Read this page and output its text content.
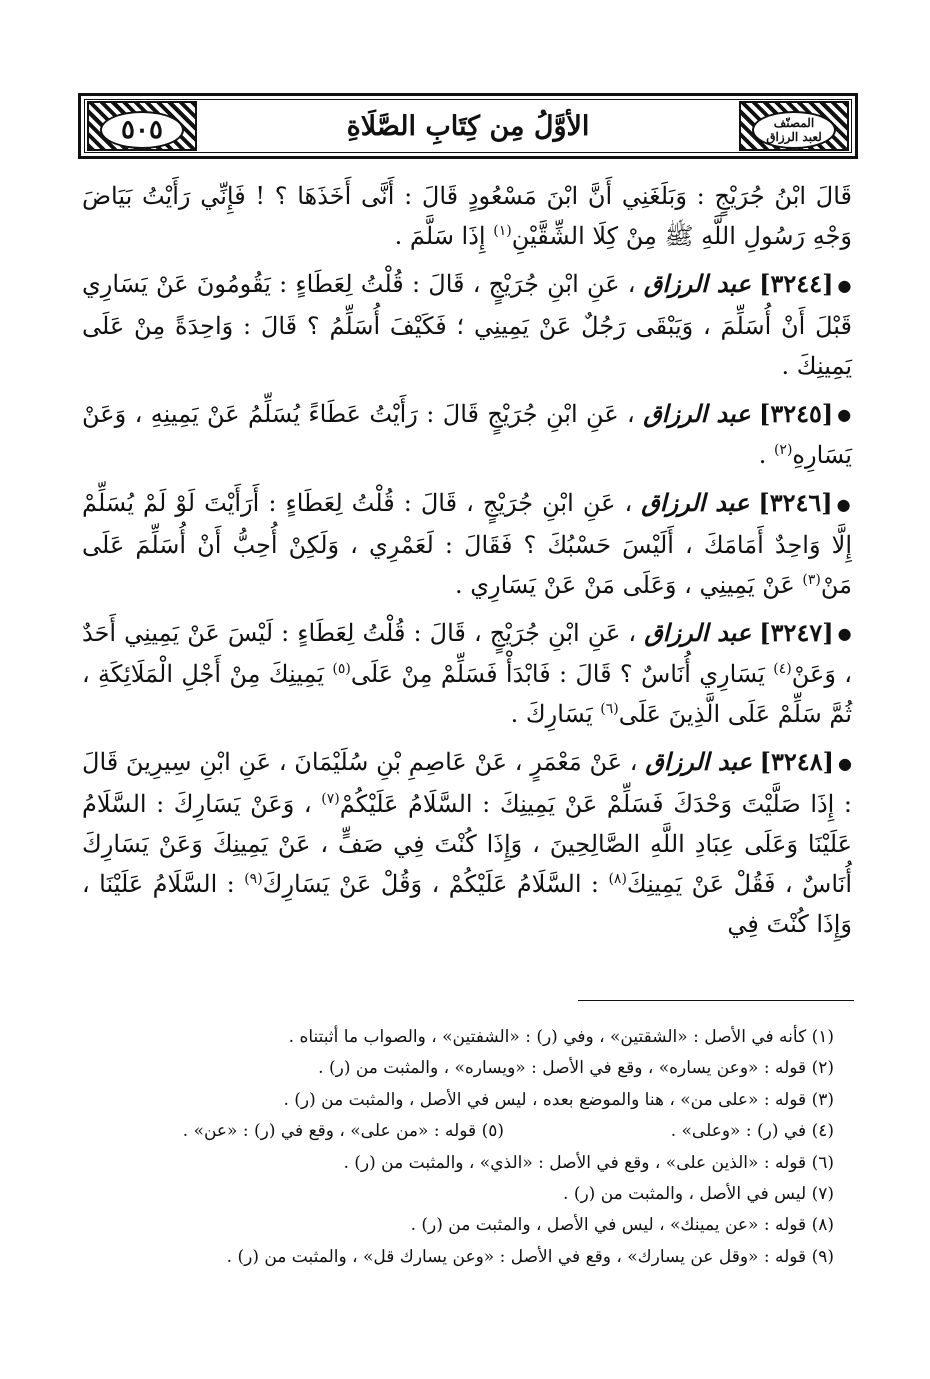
المصنّف
لعبد الرزاق
الأوَّلُ مِن كِتَابِ الصَّلَاةِ
٥٠٥

قَالَ ابْنُ جُرَيْجٍ : وَبَلَغَنِي أَنَّ ابْنَ مَسْعُودٍ قَالَ : أَنَّى أَخَذَهَا ؟ ! فَإِنِّي رَأَيْتُ بَيَاضَ وَجْهِ رَسُولِ اللَّهِ ﷺ مِنْ كِلَا الشِّقَّيْنِ$^{(١)}$ إِذَا سَلَّمَ .

●[٣٢٤٤] عبد الرزاق ، عَنِ ابْنِ جُرَيْجٍ ، قَالَ : قُلْتُ لِعَطَاءٍ : يَقُومُونَ عَنْ يَسَارِي قَبْلَ أَنْ أُسَلِّمَ ، وَيَبْقَى رَجُلٌ عَنْ يَمِينِي ؛ فَكَيْفَ أُسَلِّمُ ؟ قَالَ : وَاحِدَةً مِنْ عَلَى يَمِينِكَ .

●[٣٢٤٥] عبد الرزاق ، عَنِ ابْنِ جُرَيْجٍ قَالَ : رَأَيْتُ عَطَاءً يُسَلِّمُ عَنْ يَمِينِهِ ، وَعَنْ يَسَارِهِ$^{(٢)}$ .

●[٣٢٤٦] عبد الرزاق ، عَنِ ابْنِ جُرَيْجٍ ، قَالَ : قُلْتُ لِعَطَاءٍ : أَرَأَيْتَ لَوْ لَمْ يُسَلِّمْ إِلَّا وَاحِدٌ أَمَامَكَ ، أَلَيْسَ حَسْبُكَ ؟ فَقَالَ : لَعَمْرِي ، وَلَكِنْ أُحِبُّ أَنْ أُسَلِّمَ عَلَى مَنْ$^{(٣)}$ عَنْ يَمِينِي ، وَعَلَى مَنْ عَنْ يَسَارِي .

●[٣٢٤٧] عبد الرزاق ، عَنِ ابْنِ جُرَيْجٍ ، قَالَ : قُلْتُ لِعَطَاءٍ : لَيْسَ عَنْ يَمِينِي أَحَدٌ ، وَعَنْ$^{(٤)}$ يَسَارِي أُنَاسٌ ؟ قَالَ : فَابْدَأْ فَسَلِّمْ مِنْ عَلَى$^{(٥)}$ يَمِينِكَ مِنْ أَجْلِ الْمَلَائِكَةِ ، ثُمَّ سَلِّمْ عَلَى الَّذِينَ عَلَى$^{(٦)}$ يَسَارِكَ .

●[٣٢٤٨] عبد الرزاق ، عَنْ مَعْمَرٍ ، عَنْ عَاصِمِ بْنِ سُلَيْمَانَ ، عَنِ ابْنِ سِيرِينَ قَالَ : إِذَا صَلَّيْتَ وَحْدَكَ فَسَلِّمْ عَنْ يَمِينِكَ : السَّلَامُ عَلَيْكُمْ$^{(٧)}$ ، وَعَنْ يَسَارِكَ : السَّلَامُ عَلَيْنَا وَعَلَى عِبَادِ اللَّهِ الصَّالِحِينَ ، وَإِذَا كُنْتَ فِي صَفٍّ ، عَنْ يَمِينِكَ وَعَنْ يَسَارِكَ أُنَاسٌ ، فَقُلْ عَنْ يَمِينِكَ$^{(٨)}$ : السَّلَامُ عَلَيْكُمْ ، وَقُلْ عَنْ يَسَارِكَ$^{(٩)}$ : السَّلَامُ عَلَيْنَا ، وَإِذَا كُنْتَ فِي

(١) كأنه في الأصل : «الشقتين» ، وفي (ر) : «الشفتين» ، والصواب ما أثبتناه .
(٢) قوله : «وعن يساره» ، وقع في الأصل : «ويساره» ، والمثبت من (ر) .
(٣) قوله : «على من» ، هنا والموضع بعده ، ليس في الأصل ، والمثبت من (ر) .
(٤) في (ر) : «وعلى» .(٥) قوله : «من على» ، وقع في (ر) : «عن» .
(٦) قوله : «الذين على» ، وقع في الأصل : «الذي» ، والمثبت من (ر) .
(٧) ليس في الأصل ، والمثبت من (ر) .
(٨) قوله : «عن يمينك» ، ليس في الأصل ، والمثبت من (ر) .
(٩) قوله : «وقل عن يسارك» ، وقع في الأصل : «وعن يسارك قل» ، والمثبت من (ر) .
